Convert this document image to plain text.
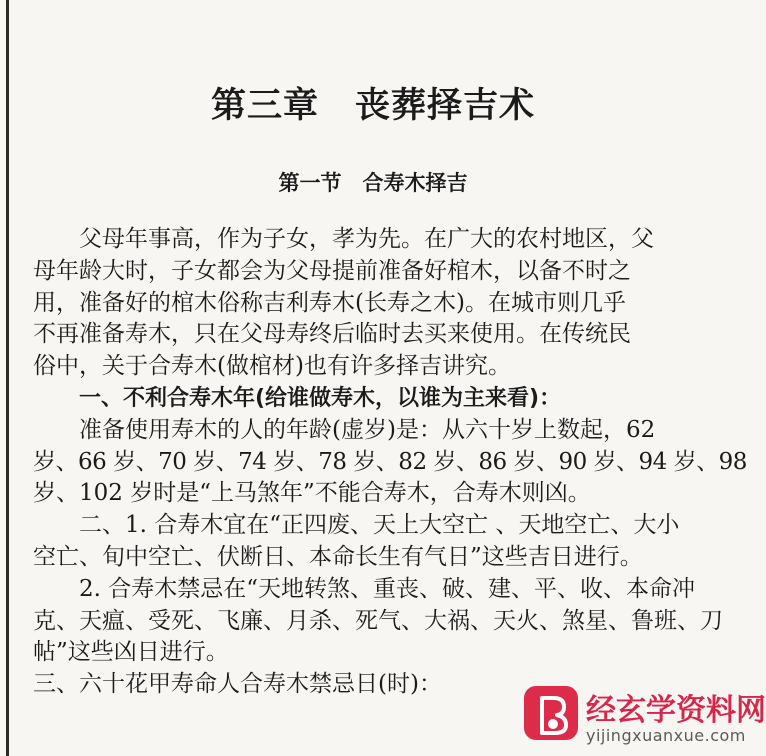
第三章　丧葬择吉术
第一节　合寿木择吉
父母年事高，作为子女，孝为先。在广大的农村地区，父
母年龄大时，子女都会为父母提前准备好棺木，以备不时之
用，准备好的棺木俗称吉利寿木(长寿之木)。在城市则几乎
不再准备寿木，只在父母寿终后临时去买来使用。在传统民
俗中，关于合寿木(做棺材)也有许多择吉讲究。
一、不利合寿木年(给谁做寿木，以谁为主来看)：
准备使用寿木的人的年龄(虚岁)是：从六十岁上数起，62
岁、66 岁、70 岁、74 岁、78 岁、82 岁、86 岁、90 岁、94 岁、98
岁、102 岁时是“上马煞年”不能合寿木，合寿木则凶。
二、1. 合寿木宜在“正四废、天上大空亡 、天地空亡、大小
空亡、旬中空亡、伏断日、本命长生有气日”这些吉日进行。
2. 合寿木禁忌在“天地转煞、重丧、破、建、平、收、本命冲
克、天瘟、受死、飞廉、月杀、死气、大祸、天火、煞星、鲁班、刀
帖”这些凶日进行。
三、六十花甲寿命人合寿木禁忌日(时)：
经玄学资料网
yijingxuanxue.com
